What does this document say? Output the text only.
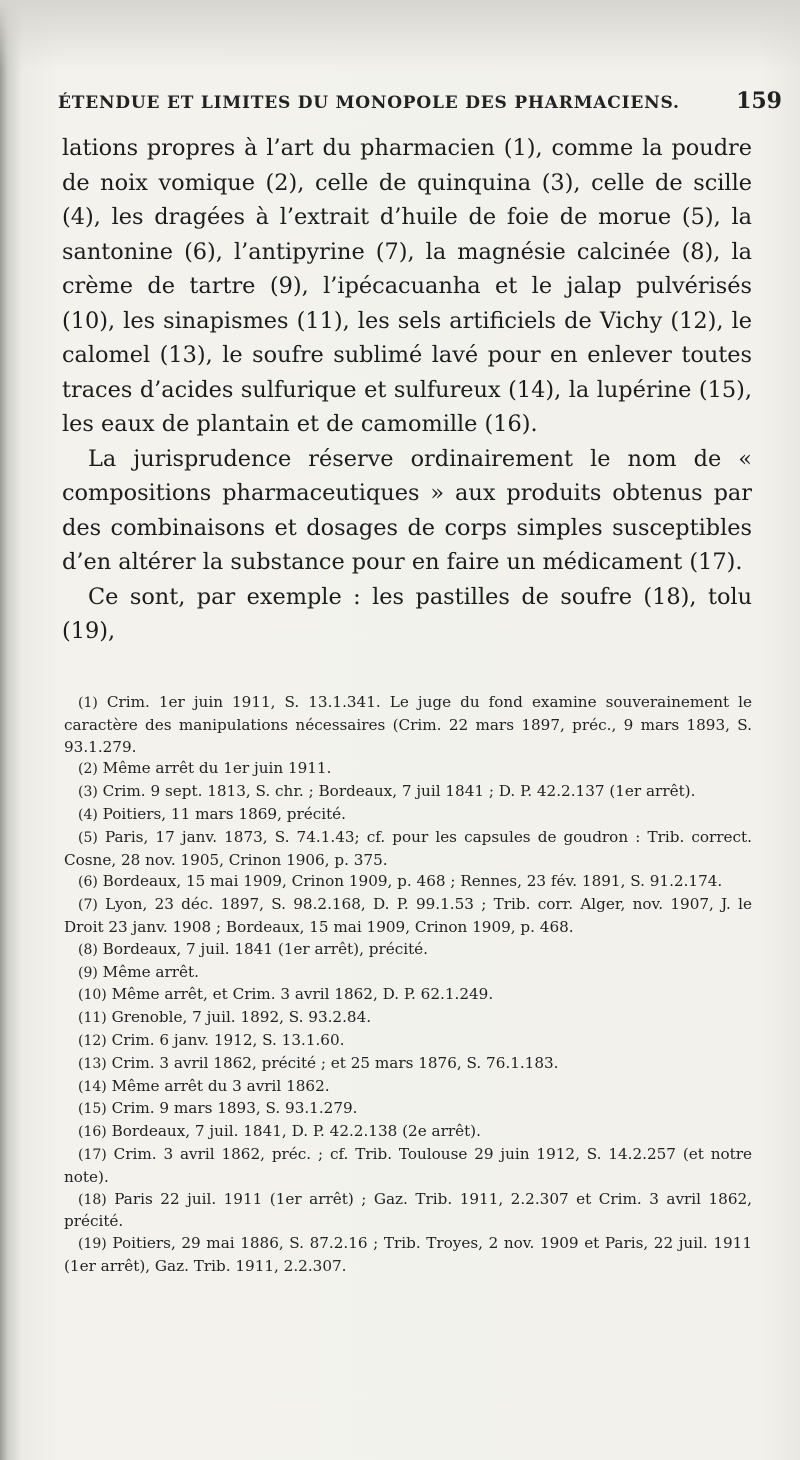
ÉTENDUE ET LIMITES DU MONOPOLE DES PHARMACIENS.	159

lations propres à l’art du pharmacien (1), comme la poudre de noix vomique (2), celle de quinquina (3), celle de scille (4), les dragées à l’extrait d’huile de foie de morue (5), la santonine (6), l’antipyrine (7), la magnésie calcinée (8), la crème de tartre (9), l’ipécacuanha et le jalap pulvérisés (10), les sinapismes (11), les sels artificiels de Vichy (12), le calomel (13), le soufre sublimé lavé pour en enlever toutes traces d’acides sulfurique et sulfureux (14), la lupérine (15), les eaux de plantain et de camomille (16).

La jurisprudence réserve ordinairement le nom de « compositions pharmaceutiques » aux produits obtenus par des combinaisons et dosages de corps simples susceptibles d’en altérer la substance pour en faire un médicament (17).

Ce sont, par exemple : les pastilles de soufre (18), tolu (19),

(1) Crim. 1er juin 1911, S. 13.1.341. Le juge du fond examine souverainement le caractère des manipulations nécessaires (Crim. 22 mars 1897, préc., 9 mars 1893, S. 93.1.279.

(2) Même arrêt du 1er juin 1911.

(3) Crim. 9 sept. 1813, S. chr. ; Bordeaux, 7 juil 1841 ; D. P. 42.2.137 (1er arrêt).

(4) Poitiers, 11 mars 1869, précité.

(5) Paris, 17 janv. 1873, S. 74.1.43; cf. pour les capsules de goudron : Trib. correct. Cosne, 28 nov. 1905, Crinon 1906, p. 375.

(6) Bordeaux, 15 mai 1909, Crinon 1909, p. 468 ; Rennes, 23 fév. 1891, S. 91.2.174.

(7) Lyon, 23 déc. 1897, S. 98.2.168, D. P. 99.1.53 ; Trib. corr. Alger, nov. 1907, J. le Droit 23 janv. 1908 ; Bordeaux, 15 mai 1909, Crinon 1909, p. 468.

(8) Bordeaux, 7 juil. 1841 (1er arrêt), précité.

(9) Même arrêt.

(10) Même arrêt, et Crim. 3 avril 1862, D. P. 62.1.249.

(11) Grenoble, 7 juil. 1892, S. 93.2.84.

(12) Crim. 6 janv. 1912, S. 13.1.60.

(13) Crim. 3 avril 1862, précité ; et 25 mars 1876, S. 76.1.183.

(14) Même arrêt du 3 avril 1862.

(15) Crim. 9 mars 1893, S. 93.1.279.

(16) Bordeaux, 7 juil. 1841, D. P. 42.2.138 (2e arrêt).

(17) Crim. 3 avril 1862, préc. ; cf. Trib. Toulouse 29 juin 1912, S. 14.2.257 (et notre note).

(18) Paris 22 juil. 1911 (1er arrêt) ; Gaz. Trib. 1911, 2.2.307 et Crim. 3 avril 1862, précité.

(19) Poitiers, 29 mai 1886, S. 87.2.16 ; Trib. Troyes, 2 nov. 1909 et Paris, 22 juil. 1911 (1er arrêt), Gaz. Trib. 1911, 2.2.307.
